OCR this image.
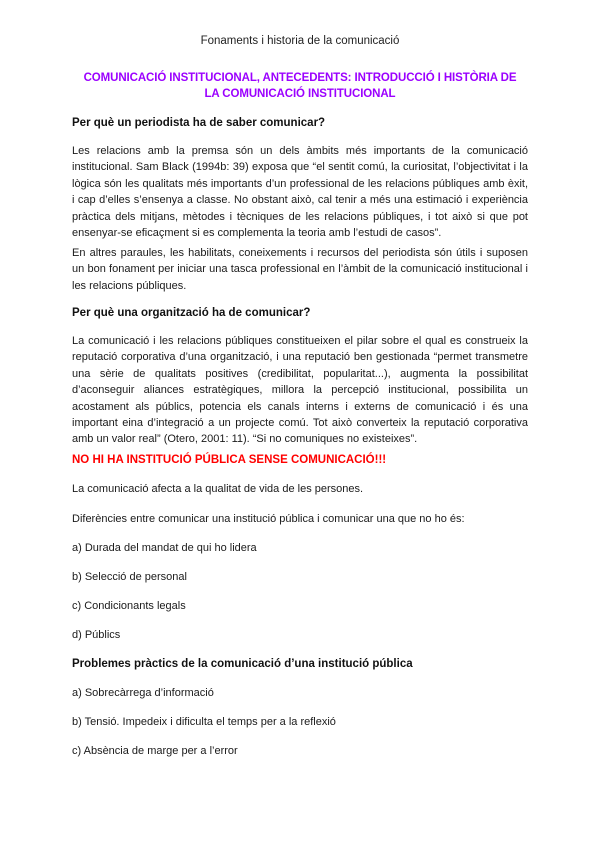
Fonaments i historia de la comunicació
COMUNICACIÓ INSTITUCIONAL, ANTECEDENTS: INTRODUCCIÓ I HISTÒRIA DE LA COMUNICACIÓ INSTITUCIONAL
Per què un periodista ha de saber comunicar?
Les relacions amb la premsa són un dels àmbits més importants de la comunicació institucional. Sam Black (1994b: 39) exposa que “el sentit comú, la curiositat, l’objectivitat i la lògica són les qualitats més importants d’un professional de les relacions públiques amb èxit, i cap d’elles s’ensenya a classe. No obstant això, cal tenir a més una estimació i experiència pràctica dels mitjans, mètodes i tècniques de les relacions públiques, i tot això si que pot ensenyar-se eficaçment si es complementa la teoria amb l’estudi de casos”.
En altres paraules, les habilitats, coneixements i recursos del periodista són útils i suposen un bon fonament per iniciar una tasca professional en l’àmbit de la comunicació institucional i les relacions públiques.
Per què una organització ha de comunicar?
La comunicació i les relacions públiques constitueixen el pilar sobre el qual es construeix la reputació corporativa d’una organització, i una reputació ben gestionada “permet transmetre una sèrie de qualitats positives (credibilitat, popularitat...), augmenta la possibilitat d’aconseguir aliances estratègiques, millora la percepció institucional, possibilita un acostament als públics, potencia els canals interns i externs de comunicació i és una important eina d’integració a un projecte comú. Tot això converteix la reputació corporativa amb un valor real” (Otero, 2001: 11). “Si no comuniques no existeixes”.
NO HI HA INSTITUCIÓ PÚBLICA SENSE COMUNICACIÓ!!!
La comunicació afecta a la qualitat de vida de les persones.
Diferències entre comunicar una institució pública i comunicar una que no ho és:
a) Durada del mandat de qui ho lidera
b) Selecció de personal
c) Condicionants legals
d) Públics
Problemes pràctics de la comunicació d’una institució pública
a) Sobrecàrrega d’informació
b) Tensió. Impedeix i dificulta el temps per a la reflexió
c) Absència de marge per a l’error
